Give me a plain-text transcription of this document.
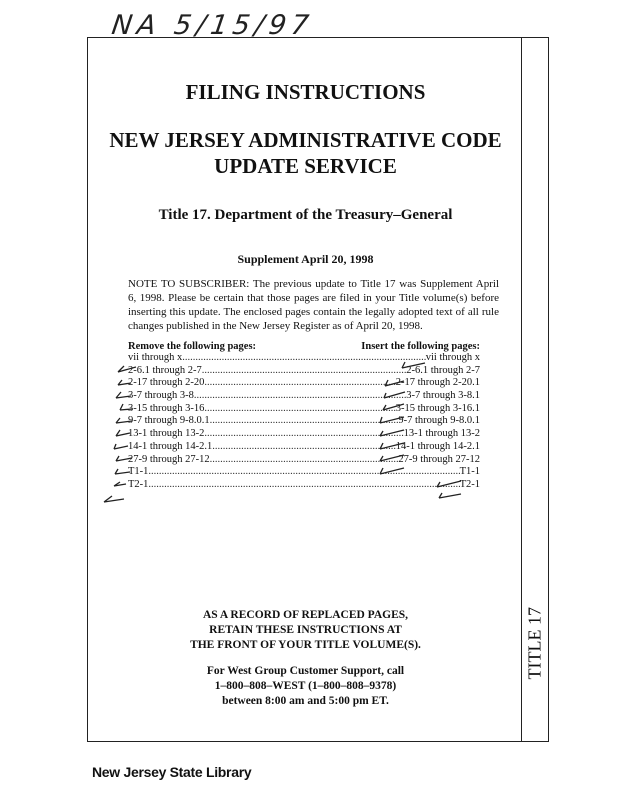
NA 5/15/97
TITLE 17
FILING INSTRUCTIONS
NEW JERSEY ADMINISTRATIVE CODE
UPDATE SERVICE
Title 17. Department of the Treasury–General
Supplement April 20, 1998

NOTE TO SUBSCRIBER: The previous update to Title 17 was Supplement April 6, 1998. Please be certain that those pages are filed in your Title volume(s) before inserting this update. The enclosed pages contain the legally adopted text of all rule changes published in the New Jersey Register as of April 20, 1998.

Remove the following pages:	Insert the following pages:
vii through x .....	vii through x
2-6.1 through 2-7 .....	2-6.1 through 2-7
2-17 through 2-20 .....	2-17 through 2-20.1
3-7 through 3-8 .....	3-7 through 3-8.1
3-15 through 3-16 .....	3-15 through 3-16.1
9-7 through 9-8.0.1 .....	9-7 through 9-8.0.1
13-1 through 13-2 .....	13-1 through 13-2
14-1 through 14-2.1 .....	14-1 through 14-2.1
27-9 through 27-12 .....	27-9 through 27-12
T1-1 .....	T1-1
T2-1 .....	T2-1
AS A RECORD OF REPLACED PAGES,
RETAIN THESE INSTRUCTIONS AT
THE FRONT OF YOUR TITLE VOLUME(S).
For West Group Customer Support, call
1–800–808–WEST (1–800–808–9378)
between 8:00 am and 5:00 pm ET.
New Jersey State Library
